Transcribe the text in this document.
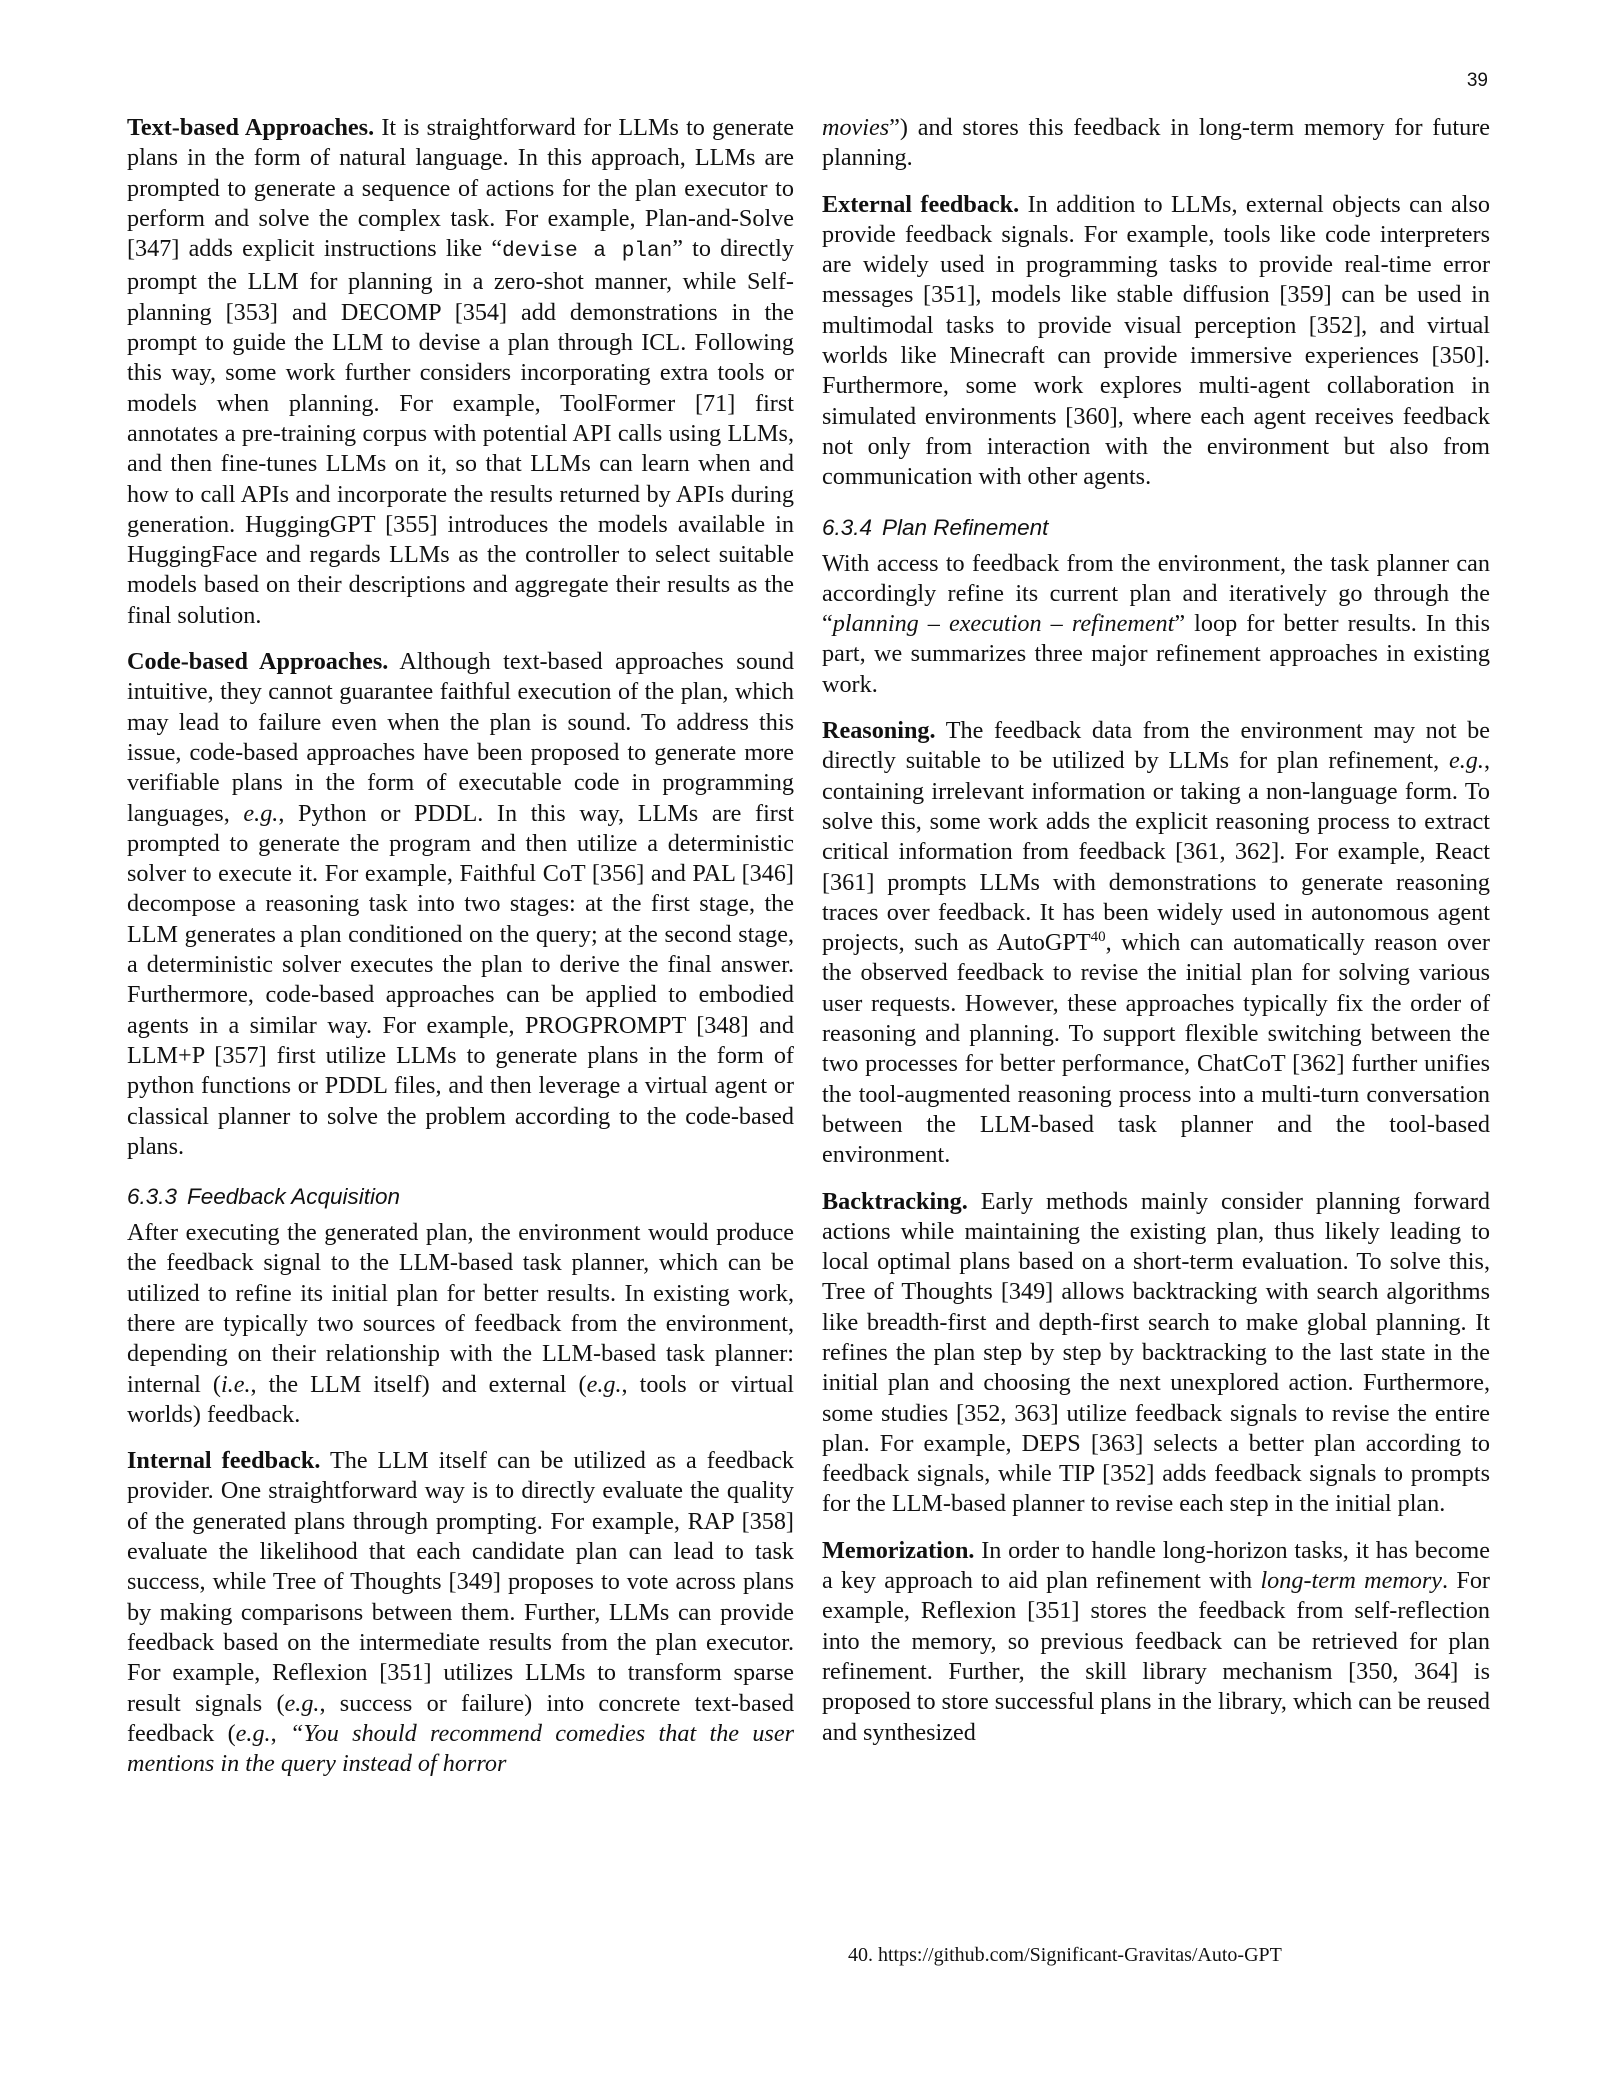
39

Text-based Approaches. It is straightforward for LLMs to generate plans in the form of natural language. In this approach, LLMs are prompted to generate a sequence of actions for the plan executor to perform and solve the complex task. For example, Plan-and-Solve [347] adds explicit instructions like “devise a plan” to directly prompt the LLM for planning in a zero-shot manner, while Self-planning [353] and DECOMP [354] add demonstrations in the prompt to guide the LLM to devise a plan through ICL. Following this way, some work further considers incorporating extra tools or models when planning. For example, ToolFormer [71] first annotates a pre-training corpus with potential API calls using LLMs, and then fine-tunes LLMs on it, so that LLMs can learn when and how to call APIs and incorporate the results returned by APIs during generation. HuggingGPT [355] introduces the models available in HuggingFace and regards LLMs as the controller to select suitable models based on their descriptions and aggregate their results as the final solution.

Code-based Approaches. Although text-based approaches sound intuitive, they cannot guarantee faithful execution of the plan, which may lead to failure even when the plan is sound. To address this issue, code-based approaches have been proposed to generate more verifiable plans in the form of executable code in programming languages, e.g., Python or PDDL. In this way, LLMs are first prompted to generate the program and then utilize a deterministic solver to execute it. For example, Faithful CoT [356] and PAL [346] decompose a reasoning task into two stages: at the first stage, the LLM generates a plan conditioned on the query; at the second stage, a deterministic solver executes the plan to derive the final answer. Furthermore, code-based approaches can be applied to embodied agents in a similar way. For example, PROGPROMPT [348] and LLM+P [357] first utilize LLMs to generate plans in the form of python functions or PDDL files, and then leverage a virtual agent or classical planner to solve the problem according to the code-based plans.

6.3.3 Feedback Acquisition

After executing the generated plan, the environment would produce the feedback signal to the LLM-based task planner, which can be utilized to refine its initial plan for better results. In existing work, there are typically two sources of feedback from the environment, depending on their relationship with the LLM-based task planner: internal (i.e., the LLM itself) and external (e.g., tools or virtual worlds) feedback.

Internal feedback. The LLM itself can be utilized as a feedback provider. One straightforward way is to directly evaluate the quality of the generated plans through prompting. For example, RAP [358] evaluate the likelihood that each candidate plan can lead to task success, while Tree of Thoughts [349] proposes to vote across plans by making comparisons between them. Further, LLMs can provide feedback based on the intermediate results from the plan executor. For example, Reflexion [351] utilizes LLMs to transform sparse result signals (e.g., success or failure) into concrete text-based feedback (e.g., “You should recommend comedies that the user mentions in the query instead of horror

movies”) and stores this feedback in long-term memory for future planning.

External feedback. In addition to LLMs, external objects can also provide feedback signals. For example, tools like code interpreters are widely used in programming tasks to provide real-time error messages [351], models like stable diffusion [359] can be used in multimodal tasks to provide visual perception [352], and virtual worlds like Minecraft can provide immersive experiences [350]. Furthermore, some work explores multi-agent collaboration in simulated environments [360], where each agent receives feedback not only from interaction with the environment but also from communication with other agents.

6.3.4 Plan Refinement

With access to feedback from the environment, the task planner can accordingly refine its current plan and iteratively go through the “planning – execution – refinement” loop for better results. In this part, we summarizes three major refinement approaches in existing work.

Reasoning. The feedback data from the environment may not be directly suitable to be utilized by LLMs for plan refinement, e.g., containing irrelevant information or taking a non-language form. To solve this, some work adds the explicit reasoning process to extract critical information from feedback [361, 362]. For example, React [361] prompts LLMs with demonstrations to generate reasoning traces over feedback. It has been widely used in autonomous agent projects, such as AutoGPT$^{40}$, which can automatically reason over the observed feedback to revise the initial plan for solving various user requests. However, these approaches typically fix the order of reasoning and planning. To support flexible switching between the two processes for better performance, ChatCoT [362] further unifies the tool-augmented reasoning process into a multi-turn conversation between the LLM-based task planner and the tool-based environment.

Backtracking. Early methods mainly consider planning forward actions while maintaining the existing plan, thus likely leading to local optimal plans based on a short-term evaluation. To solve this, Tree of Thoughts [349] allows backtracking with search algorithms like breadth-first and depth-first search to make global planning. It refines the plan step by step by backtracking to the last state in the initial plan and choosing the next unexplored action. Furthermore, some studies [352, 363] utilize feedback signals to revise the entire plan. For example, DEPS [363] selects a better plan according to feedback signals, while TIP [352] adds feedback signals to prompts for the LLM-based planner to revise each step in the initial plan.

Memorization. In order to handle long-horizon tasks, it has become a key approach to aid plan refinement with long-term memory. For example, Reflexion [351] stores the feedback from self-reflection into the memory, so previous feedback can be retrieved for plan refinement. Further, the skill library mechanism [350, 364] is proposed to store successful plans in the library, which can be reused and synthesized

40. https://github.com/Significant-Gravitas/Auto-GPT
